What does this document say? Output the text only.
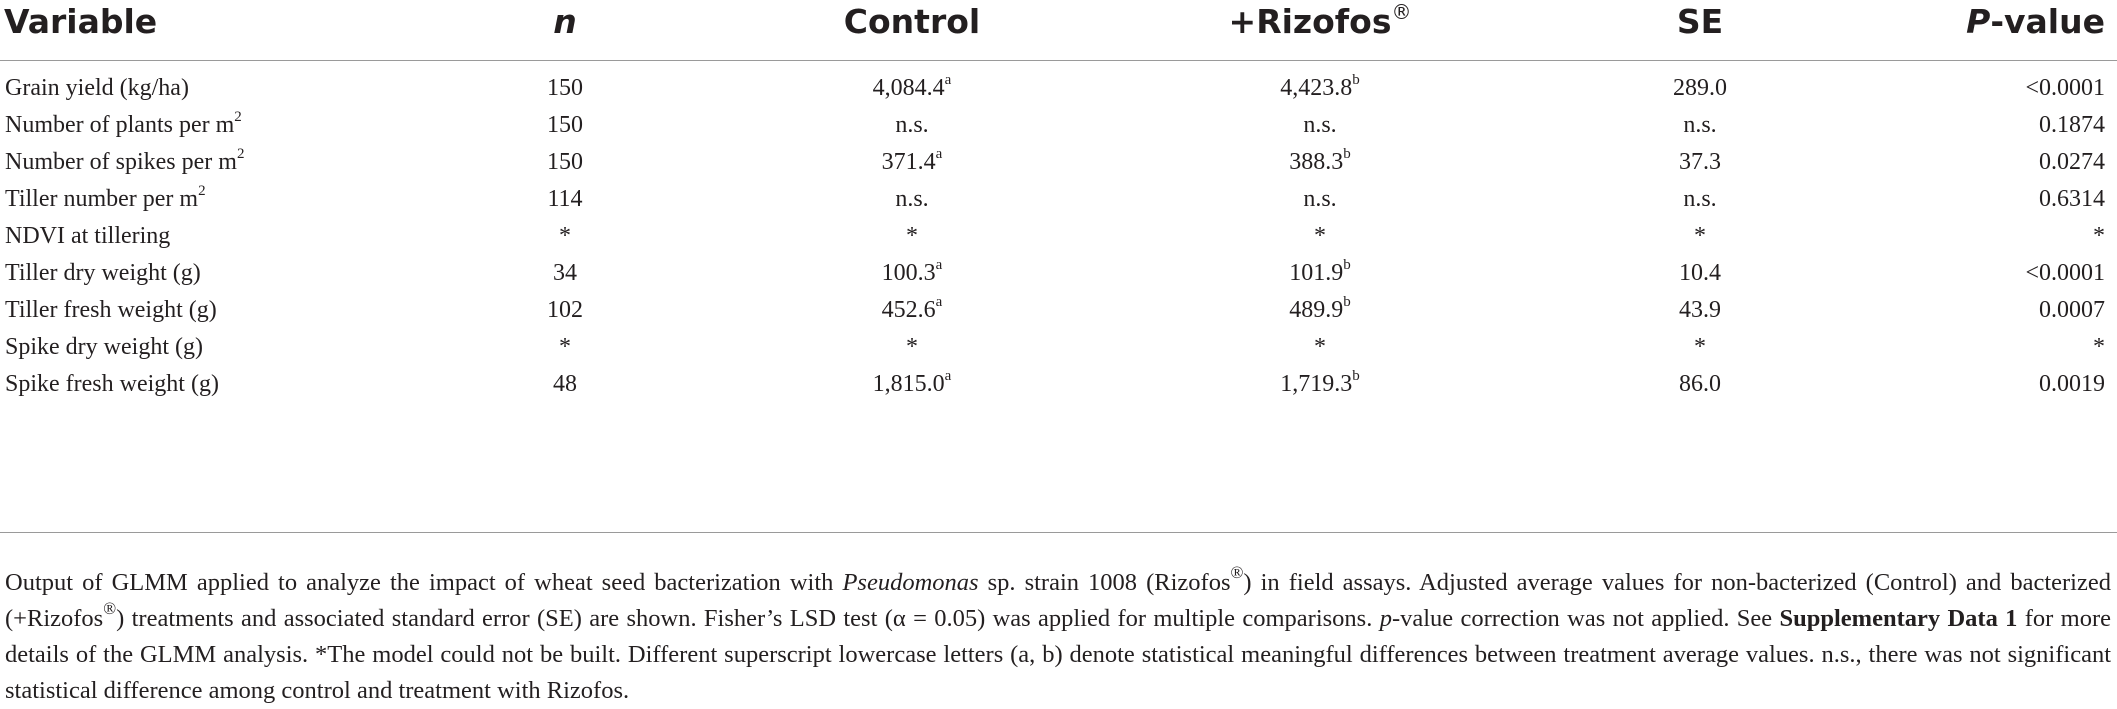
Variable	n	Control	+Rizofos®	SE	P-value
Grain yield (kg/ha)	150	4,084.4$^a$	4,423.8$^b$	289.0	<0.0001
Number of plants per $m^2$	150	n.s.	n.s.	n.s.	0.1874
Number of spikes per $m^2$	150	371.4$^a$	388.3$^b$	37.3	0.0274
Tiller number per $m^2$	114	n.s.	n.s.	n.s.	0.6314
NDVI at tillering	*	*	*	*	*
Tiller dry weight (g)	34	100.3$^a$	101.9$^b$	10.4	<0.0001
Tiller fresh weight (g)	102	452.6$^a$	489.9$^b$	43.9	0.0007
Spike dry weight (g)	*	*	*	*	*
Spike fresh weight (g)	48	1,815.0$^a$	1,719.3$^b$	86.0	0.0019

Output of GLMM applied to analyze the impact of wheat seed bacterization with Pseudomonas sp. strain 1008 (Rizofos®) in field assays. Adjusted average values for non-bacterized (Control) and bacterized (+Rizofos®) treatments and associated standard error (SE) are shown. Fisher’s LSD test (α = 0.05) was applied for multiple comparisons. p-value correction was not applied. See Supplementary Data 1 for more details of the GLMM analysis. *The model could not be built. Different superscript lowercase letters (a, b) denote statistical meaningful differences between treatment average values. n.s., there was not significant statistical difference among control and treatment with Rizofos.
